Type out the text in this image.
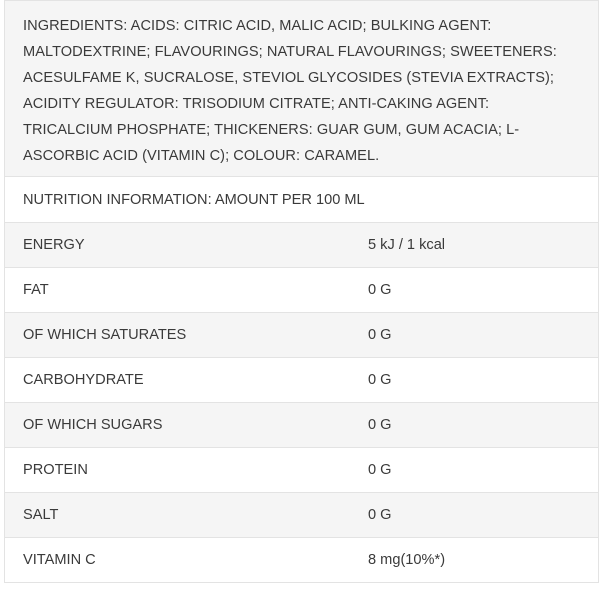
INGREDIENTS: ACIDS: CITRIC ACID, MALIC ACID; BULKING AGENT: MALTODEXTRINE; FLAVOURINGS; NATURAL FLAVOURINGS; SWEETENERS: ACESULFAME K, SUCRALOSE, STEVIOL GLYCOSIDES (STEVIA EXTRACTS); ACIDITY REGULATOR: TRISODIUM CITRATE; ANTI-CAKING AGENT: TRICALCIUM PHOSPHATE; THICKENERS: GUAR GUM, GUM ACACIA; L-ASCORBIC ACID (VITAMIN C); COLOUR: CARAMEL.

NUTRITION INFORMATION: AMOUNT PER 100 ML
ENERGY	5 kJ / 1 kcal
FAT	0 G
OF WHICH SATURATES	0 G
CARBOHYDRATE	0 G
OF WHICH SUGARS	0 G
PROTEIN	0 G
SALT	0 G
VITAMIN C	8 mg(10%*)
